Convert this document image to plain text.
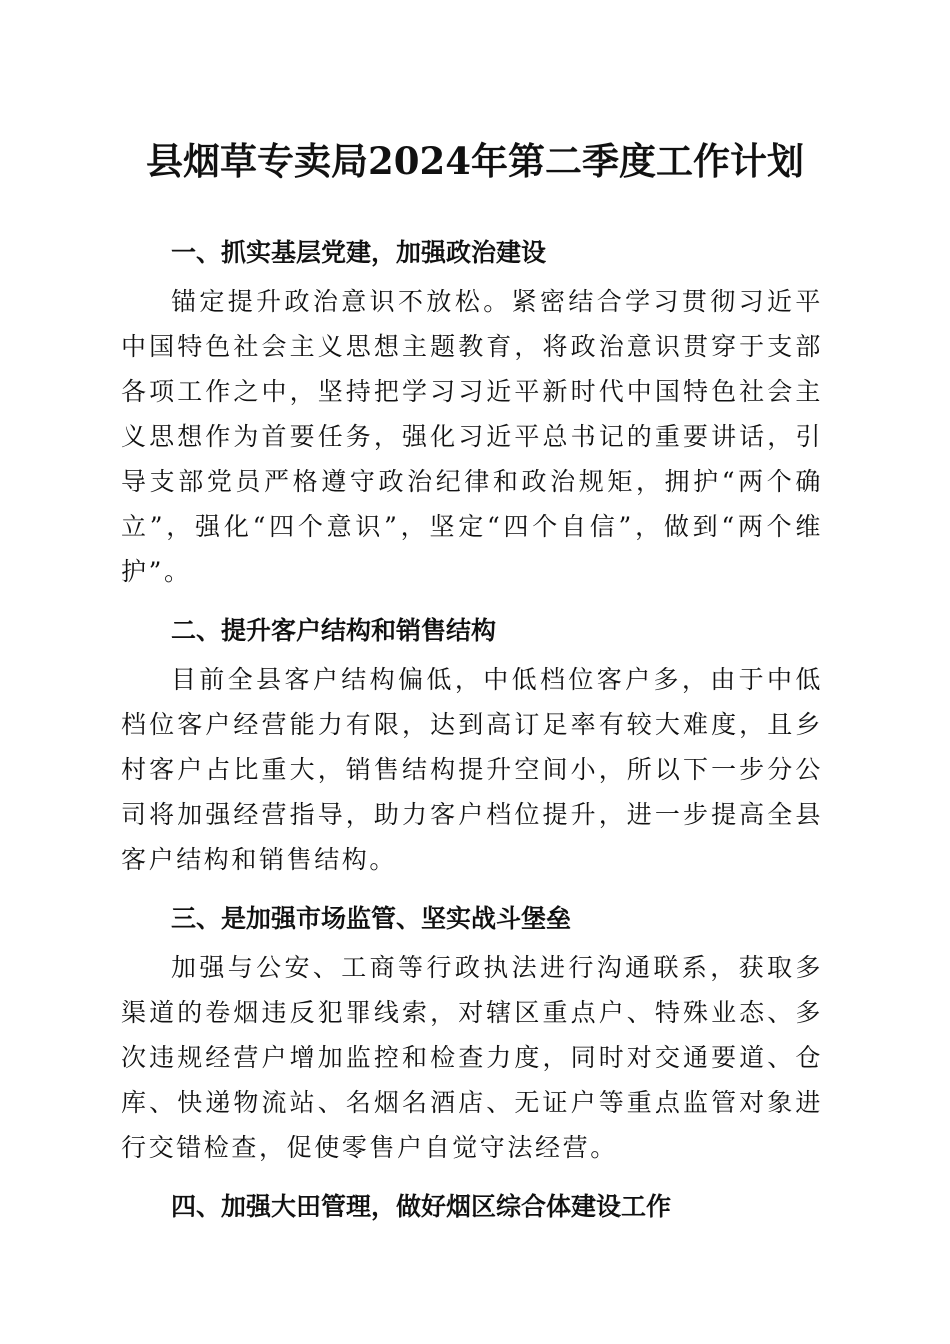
县烟草专卖局2024年第二季度工作计划
一、抓实基层党建，加强政治建设

锚定提升政治意识不放松。紧密结合学习贯彻习近平中国特色社会主义思想主题教育，将政治意识贯穿于支部各项工作之中，坚持把学习习近平新时代中国特色社会主义思想作为首要任务，强化习近平总书记的重要讲话，引导支部党员严格遵守政治纪律和政治规矩，拥护“两个确立”，强化“四个意识”，坚定“四个自信”，做到“两个维护”。

二、提升客户结构和销售结构

目前全县客户结构偏低，中低档位客户多，由于中低档位客户经营能力有限，达到高订足率有较大难度，且乡村客户占比重大，销售结构提升空间小，所以下一步分公司将加强经营指导，助力客户档位提升，进一步提高全县客户结构和销售结构。

三、是加强市场监管、坚实战斗堡垒

加强与公安、工商等行政执法进行沟通联系，获取多渠道的卷烟违反犯罪线索，对辖区重点户、特殊业态、多次违规经营户增加监控和检查力度，同时对交通要道、仓库、快递物流站、名烟名酒店、无证户等重点监管对象进行交错检查，促使零售户自觉守法经营。

四、加强大田管理，做好烟区综合体建设工作
